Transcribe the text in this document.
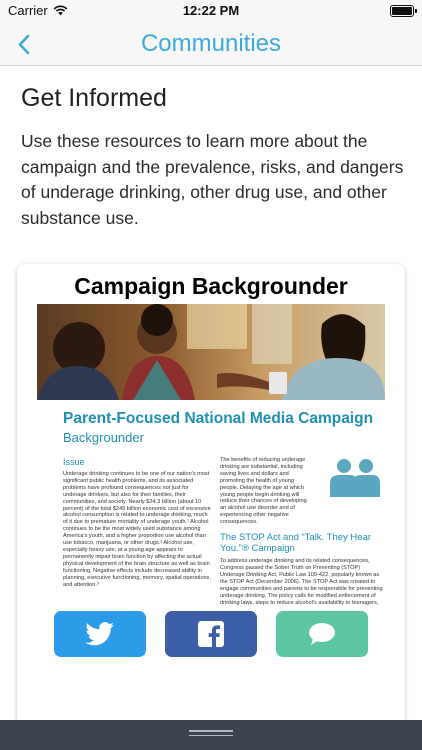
Carrier	12:22 PM
Communities
Get Informed

Use these resources to learn more about the campaign and the prevalence, risks, and dangers of underage drinking, other drug use, and other substance use.

Campaign Backgrounder
Parent-Focused National Media Campaign
Backgrounder
Issue
Underage drinking continues to be one of our nation's most significant public health problems, and its associated problems have profound consequences not just for underage drinkers, but also for their families, their communities, and society. Nearly $24.3 billion (about 10 percent) of the total $249 billion economic cost of excessive alcohol consumption is related to underage drinking, much of it due to premature mortality of underage youth.¹ Alcohol continues to be the most widely used substance among America's youth, and a higher proportion use alcohol than use tobacco, marijuana, or other drugs.² Alcohol use, especially heavy use, at a young age appears to permanently impair brain function by affecting the actual physical development of the brain structure as well as brain functioning. Negative effects include decreased ability in planning, executive functioning, memory, spatial operations, and attention.³
The benefits of reducing underage drinking are substantial, including saving lives and dollars and promoting the health of young people. Delaying the age at which young people begin drinking will reduce their chances of developing an alcohol use disorder and of experiencing other negative consequences.
The STOP Act and “Talk. They Hear You.”® Campaign
To address underage drinking and its related consequences, Congress passed the Sober Truth on Preventing (STOP) Underage Drinking Act, Public Law 109-422, popularly known as the STOP Act (December 2006). The STOP Act was created to engage communities and parents to be responsible for preventing underage drinking. The policy calls for modified enforcement of drinking laws, steps to reduce alcohol's availability to teenagers,
